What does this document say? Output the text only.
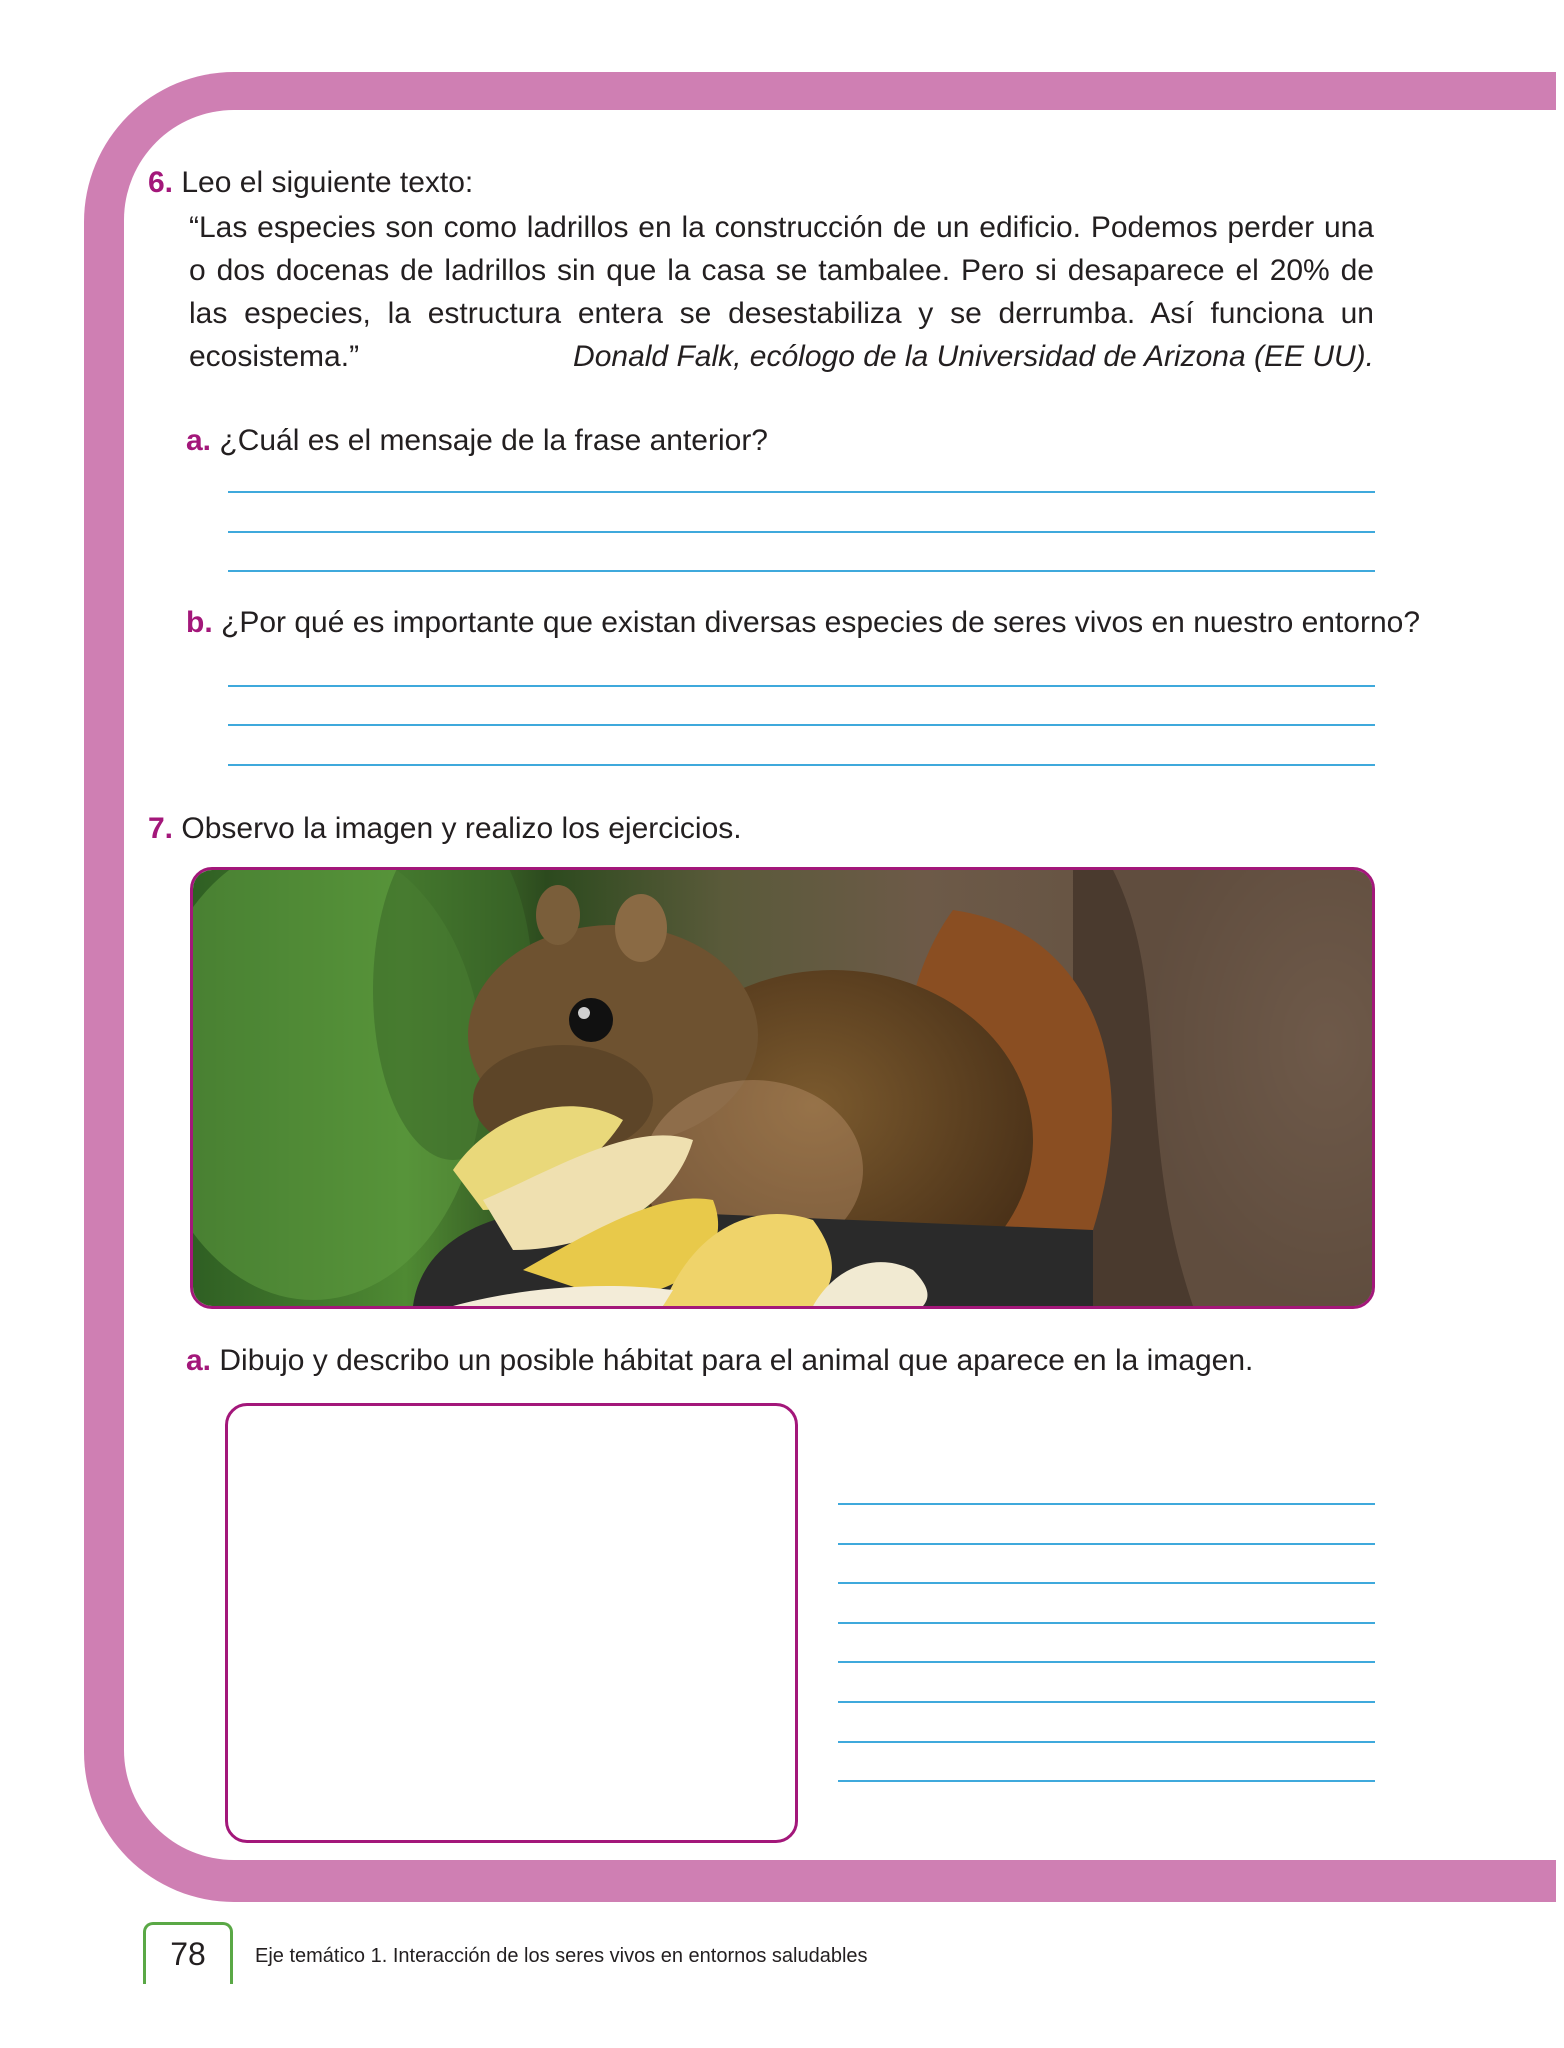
6. Leo el siguiente texto:
“Las especies son como ladrillos en la construcción de un edificio. Podemos perder una o dos docenas de ladrillos sin que la casa se tambalee. Pero si desaparece el 20% de las especies, la estructura entera se desestabiliza y se derrumba. Así funciona un ecosistema.”	Donald Falk, ecólogo de la Universidad de Arizona (EE UU).
a. ¿Cuál es el mensaje de la frase anterior?
b. ¿Por qué es importante que existan diversas especies de seres vivos en nuestro entorno?
7. Observo la imagen y realizo los ejercicios.
a. Dibujo y describo un posible hábitat para el animal que aparece en la imagen.
78	Eje temático 1. Interacción de los seres vivos en entornos saludables
